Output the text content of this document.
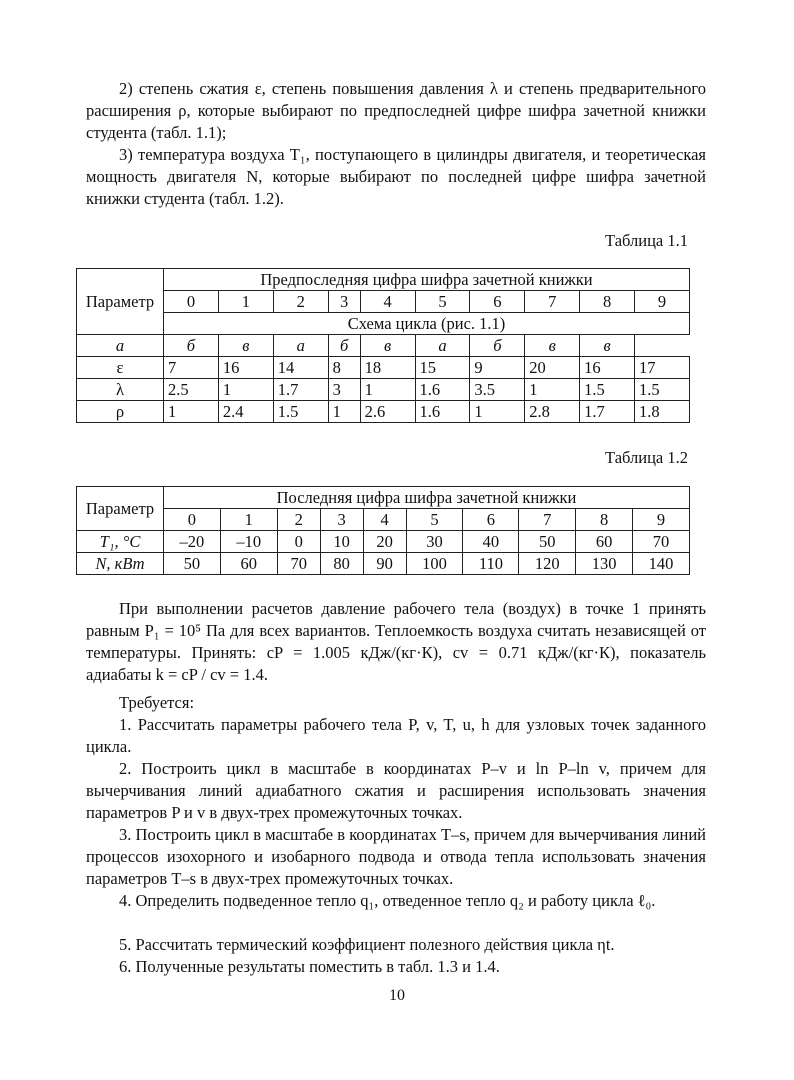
2) степень сжатия ε, степень повышения давления λ и степень предварительного расширения ρ, которые выбирают по предпоследней цифре шифра зачетной книжки студента (табл. 1.1);

3) температура воздуха T₁, поступающего в цилиндры двигателя, и теоретическая мощность двигателя N, которые выбирают по последней цифре шифра зачетной книжки студента (табл. 1.2).

Таблица 1.1

Параметр	Предпоследняя цифра шифра зачетной книжки									
	0	1	2	3	4	5	6	7	8	9
	Схема цикла (рис. 1.1)									
а	б	в	а	б	в	а	б	в	в	
ε	7	16	14	8	18	15	9	20	16	17
λ	2.5	1	1.7	3	1	1.6	3.5	1	1.5	1.5
ρ	1	2.4	1.5	1	2.6	1.6	1	2.8	1.7	1.8

Таблица 1.2

Параметр	Последняя цифра шифра зачетной книжки									
	0	1	2	3	4	5	6	7	8	9
T₁, °C	–20	–10	0	10	20	30	40	50	60	70
N, кВт	50	60	70	80	90	100	110	120	130	140

При выполнении расчетов давление рабочего тела (воздух) в точке 1 принять равным P₁ = 10⁵ Па для всех вариантов. Теплоемкость воздуха считать независящей от температуры. Принять: cP = 1.005 кДж/(кг·К), cv = 0.71 кДж/(кг·К), показатель адиабаты k = cP / cv = 1.4.

Требуется:

1. Рассчитать параметры рабочего тела P, v, T, u, h для узловых точек заданного цикла.

2. Построить цикл в масштабе в координатах P–v и ln P–ln v, причем для вычерчивания линий адиабатного сжатия и расширения использовать значения параметров P и v в двух-трех промежуточных точках.

3. Построить цикл в масштабе в координатах T–s, причем для вычерчивания линий процессов изохорного и изобарного подвода и отвода тепла использовать значения параметров T–s в двух-трех промежуточных точках.

4. Определить подведенное тепло q₁, отведенное тепло q₂ и работу цикла ℓ₀.

5. Рассчитать термический коэффициент полезного действия цикла ηt.

6. Полученные результаты поместить в табл. 1.3 и 1.4.

10
